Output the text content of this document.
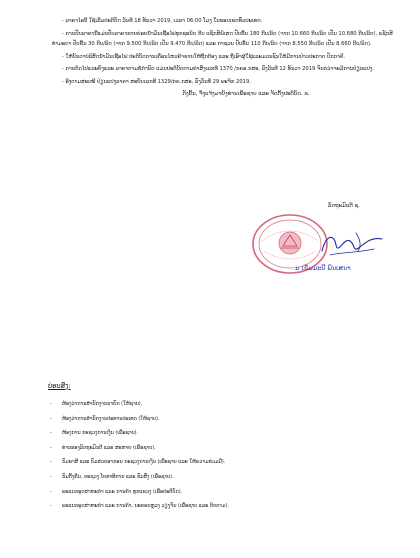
- ລາຄາໄອນີ້ ໃຊ້ເລີ່ມປະຕິບັດ ວັນທີ 18 ທັນວາ 2019, ເວລາ 06:00 ໂມງ ໃນຂອບເຂດທົ່ວປະເທດ.

- ການປັບລາຄານີ້ແມ່ນປັບລາຄາຂາຍຍ່ອຍນໍ້າມັນເຊື້ອໄຟທຸກຊະນິດ ກີບ ແຊັກສ໌ພິເສດ ປັບຂຶ້ນ 180 ກີບ/ລິດ (ຈາກ 10.660 ກີບ/ລິດ ເປັນ 10.680 ກີບ/ລິດ), ແຊັກສ໌ທໍາມະດາ ປັບຂຶ້ນ 30 ກີບ/ລິດ (ຈາກ 9.500 ກີບ/ລິດ ເປັນ 9.470 ກີບ/ລິດ) ແລະ ກາຊວນ ປັບຂຶ້ນ 110 ກີບ/ລິດ (ຈາກ 8.550 ກີບ/ລິດ ເປັນ 8.660 ກີບ/ລິດ).

- ໃຫ້ບັນດາບໍລິສັດນໍ້າມັນເຊື້ອໄຟ ປະຕິບັດການເຄື່ອນໄຫວຄ້າຂາຍໃຫ້ຖືກຕ້ອງ ແລະ ຖືເອົາຜູ້ໃຊ້ແລະມວນຊົນໃຫ້ມີການປ່າວປະກາດ ປັກກາຄີ.

- ການຕິດໄປແລະຍັງແລະ ລາຄາຕາມຂໍ້ກໍານົດ ແມ່ນປະຕິບັດຕາມຄໍາສັ່ງເລກທີ 1370 /ກຄອ.ກສອ, ລົງວັນທີ 12 ທັນວາ 2019 ຈົນກວ່າຈະມີການປ່ຽນແປງ.

- ອີງຕາມສະເໜີ ປ່ຽນແປງລາຄາ ສະບັບເລກທີ 1329/ກຄ.ກສອ, ລົງວັນທີ 29 ພະຈິກ 2019.

ດັ່ງນັ້ນ, ຈຶ່ງແຈ້ງມາຍັງທ່ານເພື່ອຊາບ ແລະ ຈັດຕັ້ງປະຕິບັດ. ຂ.
ລັດຖະມົນຕີ ຊ.
ມ ເຂັມມະນີ ພົນເສນາ

ບ່ອນສົ່ງ:

- ຫ້ອງວ່າການສໍານັກງານນາຍົກ (ໃຫ້ຊາບ).
- ຫ້ອງວ່າການສໍານັກງານປະທານປະເທດ (ໃຫ້ຊາບ).
- ຫ້ອງການ ກະຊວງການເງິນ (ເພື່ອຊາບ).
- ທ່ານຮອງລັດຖະມົນຕີ ແລະ ສະຫາຍ (ເພື່ອຊາບ).
- ກົມພາສີ ແລະ ກົມສວຍອາກອນ ກະຊວງການເງິນ (ເພື່ອຊາບ ແລະ ໃຫ້ຄວາມຮ່ວມມື).
- ກົມຕັ້ງຄືນ, ກະຊວງ ໂຍທາທິການ ແລະ ຂົນສົ່ງ (ເພື່ອຊາບ).
- ພະແນກອຸດສາຫະກໍາ ແລະ ການຄ້າ ທຸກແຂວງ (ເພື່ອປະຕິບັດ).
- ພະແນກອຸດສາຫະກໍາ ແລະ ການຄ້າ, ນະຄອນຫຼວງ ວຽງຈັນ (ເພື່ອຊາບ ແລະ ຕິດຕາມ).
